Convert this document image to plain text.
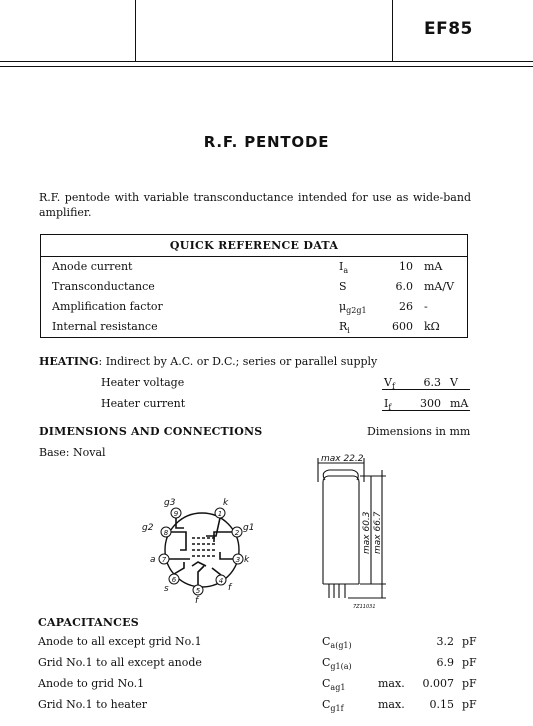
EF85
R.F. PENTODE
R.F. pentode with variable transconductance intended for use as wide-band amplifier.
QUICK REFERENCE DATA
Anode current	$I_a$	10 mA
Transconductance	S	6.0 mA/V
Amplification factor	$\mu_{g2g1}$	26 -
Internal resistance	$R_i$	600 kΩ
HEATING: Indirect by A.C. or D.C.; series or parallel supply
Heater voltage	$V_f$	6.3 V
Heater current	$I_f$	300 mA
DIMENSIONS AND CONNECTIONS	Dimensions in mm
Base: Noval
1
2
3
4
5
6
7
8
9
k
g1
k
f
f
s
a
g2
g3
max 22.2
max 60.3 max 66.7
7Z11031
CAPACITANCES
Anode to all except grid No.1	$C_{a(g1)}$	3.2 pF
Grid No.1 to all except anode	$C_{g1(a)}$	6.9 pF
Anode to grid No.1	$C_{ag1}$	max.	0.007 pF
Grid No.1 to heater	$C_{g1f}$	max.	0.15 pF
